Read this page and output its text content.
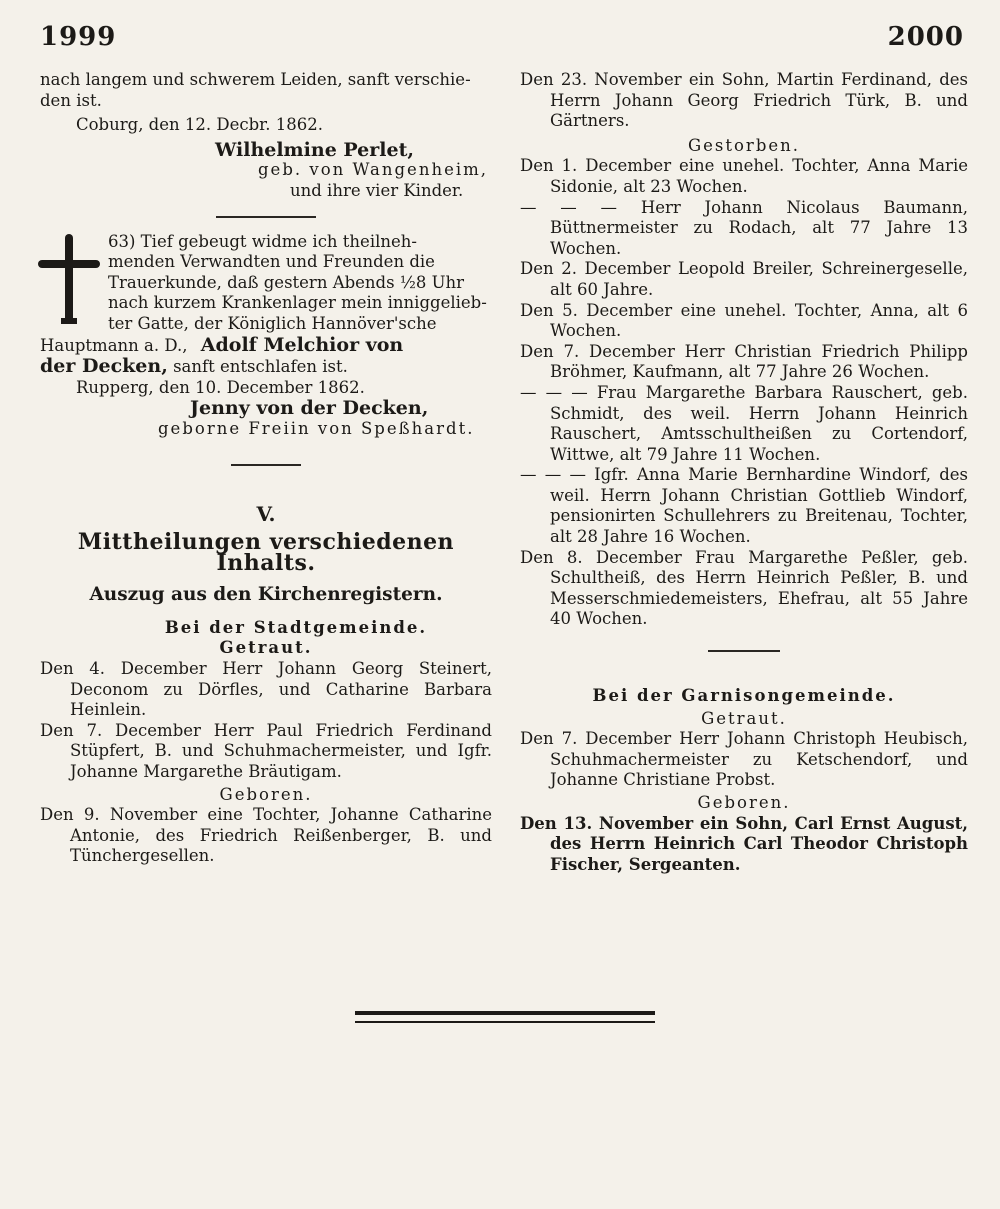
1999	2000

nach langem und schwerem Leiden, sanft verschie-

den ist.

Coburg, den 12. Decbr. 1862.

Wilhelmine Perlet,

geb. von Wangenheim,

und ihre vier Kinder.

63) Tief gebeugt widme ich theilneh-

menden Verwandten und Freunden die

Trauerkunde, daß gestern Abends ½8 Uhr

nach kurzem Krankenlager mein inniggelieb-

ter Gatte, der Königlich Hannöver'sche

Hauptmann a. D., Adolf Melchior von

der Decken, sanft entschlafen ist.

Rupperg, den 10. December 1862.

Jenny von der Decken,

geborne Freiin von Speßhardt.

V.

Mittheilungen verschiedenen Inhalts.

Auszug aus den Kirchenregistern.

Bei der Stadtgemeinde.

Getraut.

Den 4. December Herr Johann Georg Steinert, Deconom zu Dörfles, und Catharine Barbara Heinlein.

Den 7. December Herr Paul Friedrich Ferdinand Stüpfert, B. und Schuhmachermeister, und Igfr. Johanne Margarethe Bräutigam.

Geboren.

Den 9. November eine Tochter, Johanne Catharine Antonie, des Friedrich Reißenberger, B. und Tünchergesellen.

Den 23. November ein Sohn, Martin Ferdinand, des Herrn Johann Georg Friedrich Türk, B. und Gärtners.

Gestorben.

Den 1. December eine unehel. Tochter, Anna Marie Sidonie, alt 23 Wochen.

— — — Herr Johann Nicolaus Baumann, Büttnermeister zu Rodach, alt 77 Jahre 13 Wochen.

Den 2. December Leopold Breiler, Schreinergeselle, alt 60 Jahre.

Den 5. December eine unehel. Tochter, Anna, alt 6 Wochen.

Den 7. December Herr Christian Friedrich Philipp Bröhmer, Kaufmann, alt 77 Jahre 26 Wochen.

— — — Frau Margarethe Barbara Rauschert, geb. Schmidt, des weil. Herrn Johann Heinrich Rauschert, Amtsschultheißen zu Cortendorf, Wittwe, alt 79 Jahre 11 Wochen.

— — — Igfr. Anna Marie Bernhardine Windorf, des weil. Herrn Johann Christian Gottlieb Windorf, pensionirten Schullehrers zu Breitenau, Tochter, alt 28 Jahre 16 Wochen.

Den 8. December Frau Margarethe Peßler, geb. Schultheiß, des Herrn Heinrich Peßler, B. und Messerschmiedemeisters, Ehefrau, alt 55 Jahre 40 Wochen.

Bei der Garnisongemeinde.

Getraut.

Den 7. December Herr Johann Christoph Heubisch, Schuhmachermeister zu Ketschendorf, und Johanne Christiane Probst.

Geboren.

Den 13. November ein Sohn, Carl Ernst August, des Herrn Heinrich Carl Theodor Christoph Fischer, Sergeanten.
